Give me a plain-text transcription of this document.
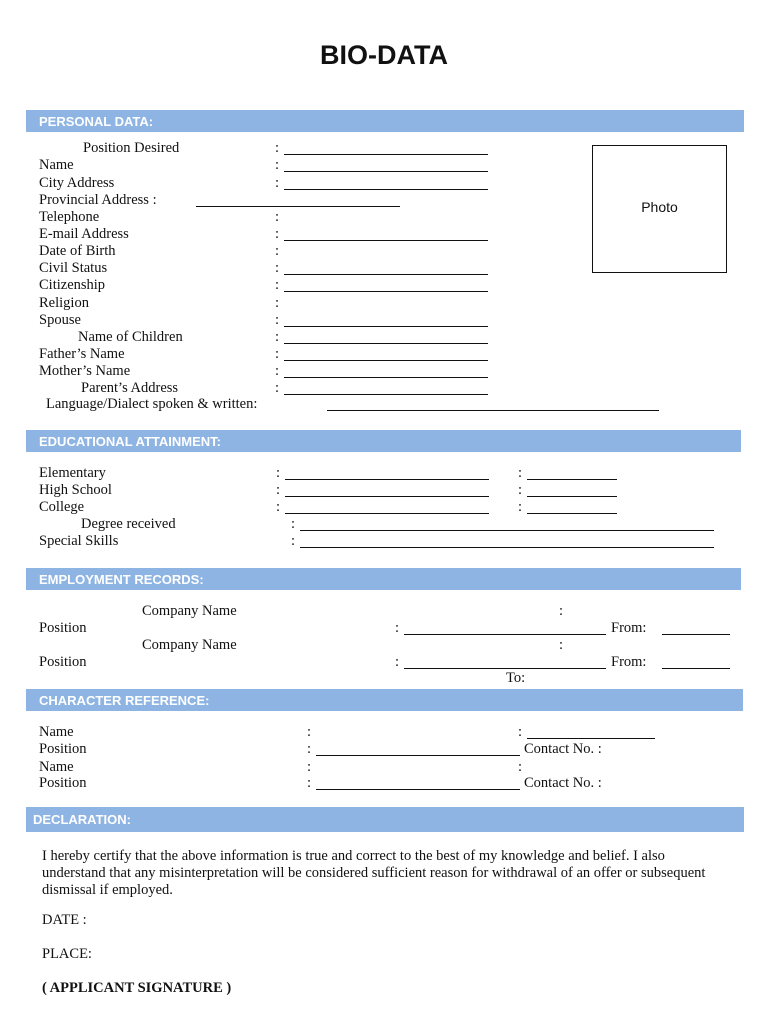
BIO-DATA
PERSONAL DATA:
Photo
Position Desired	:
Name	:
City Address	:
Provincial Address :
Telephone	:
E-mail Address	:
Date of Birth	:
Civil Status	:
Citizenship	:
Religion	:
Spouse	:
Name of Children	:
Father’s Name	:
Mother’s Name	:
Parent’s Address	:
Language/Dialect spoken & written:
EDUCATIONAL ATTAINMENT:
Elementary	:	:
High School	:	:
College	:	:
Degree received	:
Special Skills	:
EMPLOYMENT RECORDS:
Company Name	:
Position	:	From:
Company Name	:
Position	:	From:
To:
CHARACTER REFERENCE:
Name	:	:
Position	:	Contact No. :
Name	:	:
Position	:	Contact No. :
DECLARATION:
I hereby certify that the above information is true and correct to the best of my knowledge and belief. I also understand that any misinterpretation will be considered sufficient reason for withdrawal of an offer or subsequent dismissal if employed.
DATE :
PLACE:
( APPLICANT SIGNATURE )
